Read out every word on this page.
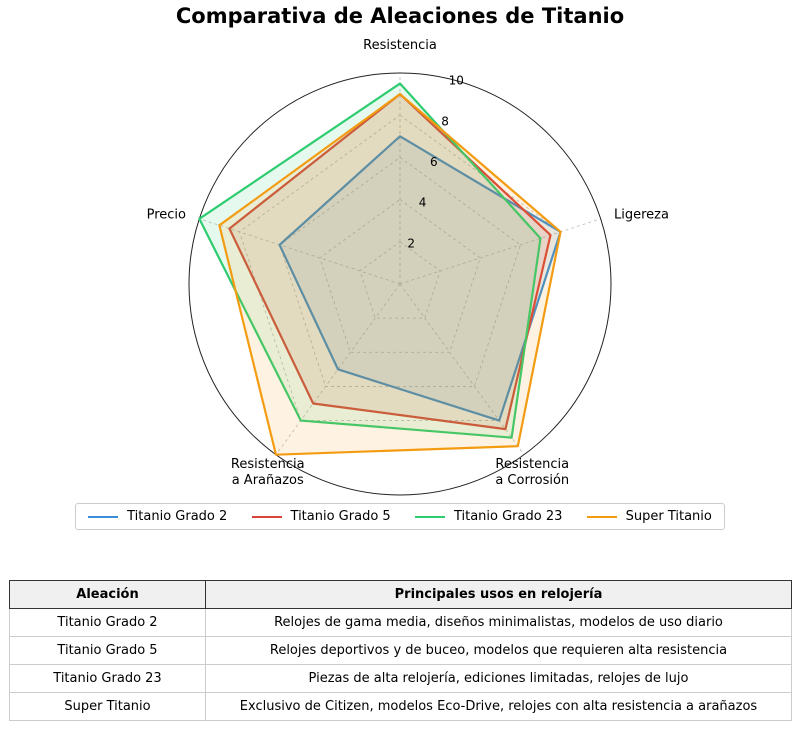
Comparativa de Aleaciones de Titanio
2
4
6
8
10
Resistencia
Ligereza
Resistencia a Corrosión
Resistencia a Arañazos
Precio
Titanio Grado 2	Titanio Grado 5	Titanio Grado 23	Super Titanio
Aleación	Principales usos en relojería
Titanio Grado 2	Relojes de gama media, diseños minimalistas, modelos de uso diario
Titanio Grado 5	Relojes deportivos y de buceo, modelos que requieren alta resistencia
Titanio Grado 23	Piezas de alta relojería, ediciones limitadas, relojes de lujo
Super Titanio	Exclusivo de Citizen, modelos Eco-Drive, relojes con alta resistencia a arañazos
